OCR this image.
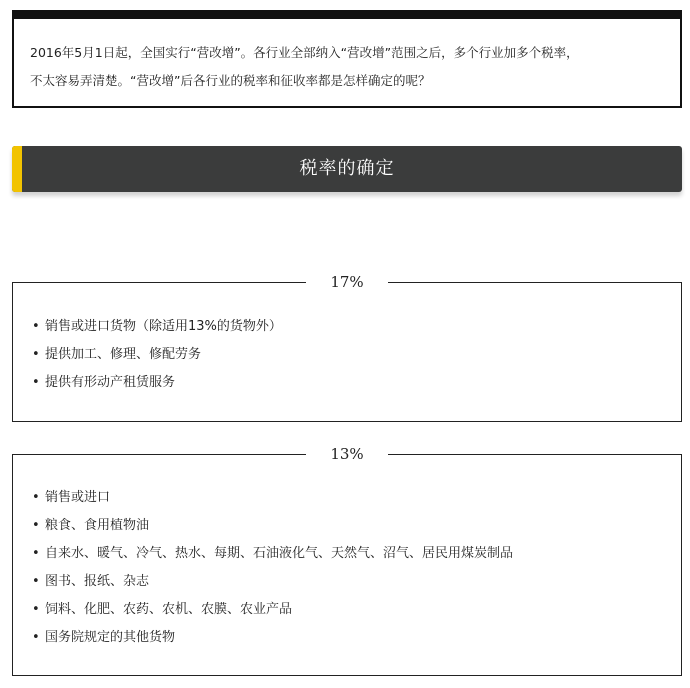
2016年5月1日起，全国实行“营改增”。各行业全部纳入“营改增”范围之后，多个行业加多个税率，
不太容易弄清楚。“营改增”后各行业的税率和征收率都是怎样确定的呢？

税率的确定
17%
• 销售或进口货物（除适用13%的货物外）
• 提供加工、修理、修配劳务
• 提供有形动产租赁服务
13%
• 销售或进口
• 粮食、食用植物油
• 自来水、暖气、冷气、热水、每期、石油液化气、天然气、沼气、居民用煤炭制品
• 图书、报纸、杂志
• 饲料、化肥、农药、农机、农膜、农业产品
• 国务院规定的其他货物
